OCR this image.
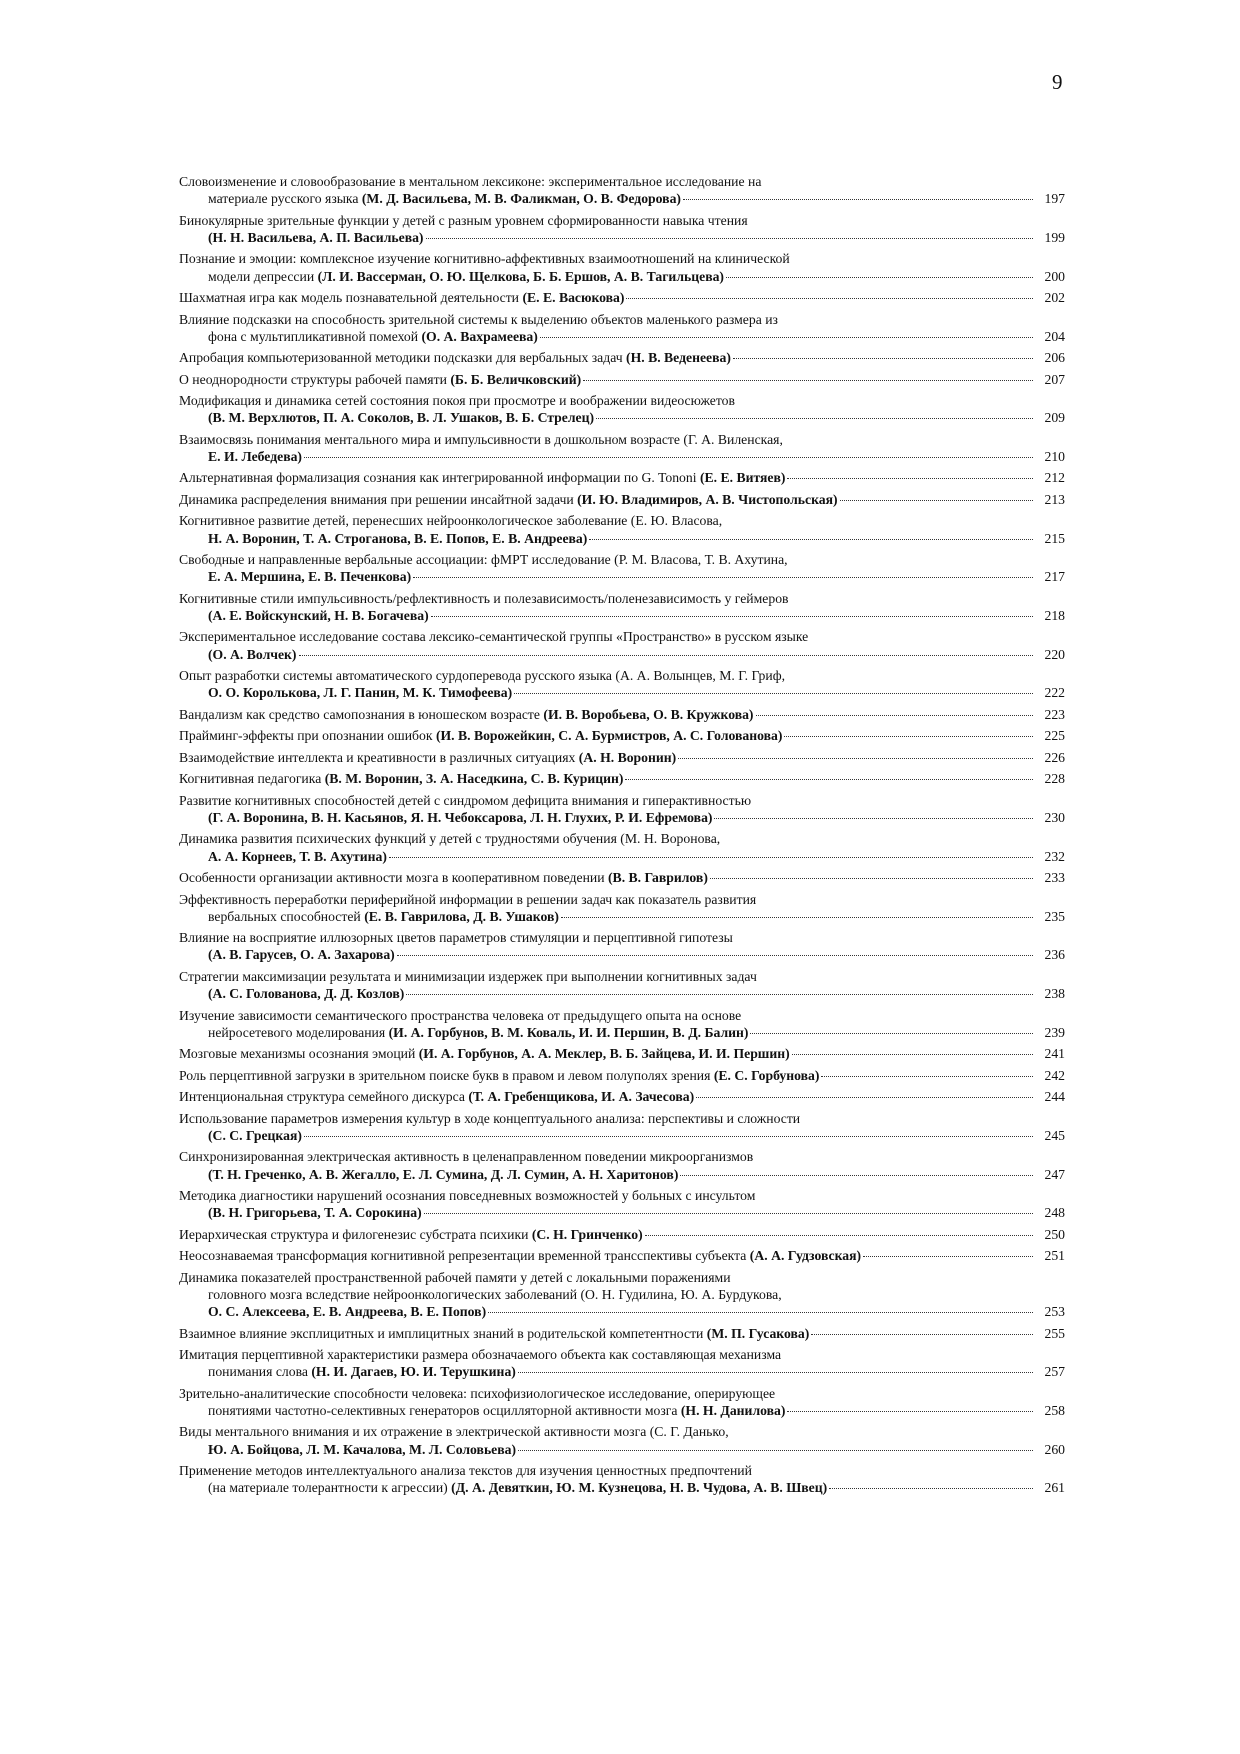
9
Словоизменение и словообразование в ментальном лексиконе: экспериментальное исследование на
материале русского языка (М. Д. Васильева, М. В. Фаликман, О. В. Федорова)	197
Бинокулярные зрительные функции у детей с разным уровнем сформированности навыка чтения
(Н. Н. Васильева, А. П. Васильева)	199
Познание и эмоции: комплексное изучение когнитивно-аффективных взаимоотношений на клинической
модели депрессии (Л. И. Вассерман, О. Ю. Щелкова, Б. Б. Ершов, А. В. Тагильцева)	200
Шахматная игра как модель познавательной деятельности (Е. Е. Васюкова)	202
Влияние подсказки на способность зрительной системы к выделению объектов маленького размера из
фона с мультипликативной помехой (О. А. Вахрамеева)	204
Апробация компьютеризованной методики подсказки для вербальных задач (Н. В. Веденеева)	206
О неоднородности структуры рабочей памяти (Б. Б. Величковский)	207
Модификация и динамика сетей состояния покоя при просмотре и воображении видеосюжетов
(В. М. Верхлютов, П. А. Соколов, В. Л. Ушаков, В. Б. Стрелец)	209
Взаимосвязь понимания ментального мира и импульсивности в дошкольном возрасте (Г. А. Виленская,
Е. И. Лебедева)	210
Альтернативная формализация сознания как интегрированной информации по G. Tononi (Е. Е. Витяев)	212
Динамика распределения внимания при решении инсайтной задачи (И. Ю. Владимиров, А. В. Чистопольская)	213
Когнитивное развитие детей, перенесших нейроонкологическое заболевание (Е. Ю. Власова,
Н. А. Воронин, Т. А. Строганова, В. Е. Попов, Е. В. Андреева)	215
Свободные и направленные вербальные ассоциации: фМРТ исследование (Р. М. Власова, Т. В. Ахутина,
Е. А. Мершина, Е. В. Печенкова)	217
Когнитивные стили импульсивность/рефлективность и полезависимость/поленезависимость у геймеров
(А. Е. Войскунский, Н. В. Богачева)	218
Экспериментальное исследование состава лексико-семантической группы «Пространство» в русском языке
(О. А. Волчек)	220
Опыт разработки системы автоматического сурдоперевода русского языка (А. А. Волынцев, М. Г. Гриф,
О. О. Королькова, Л. Г. Панин, М. К. Тимофеева)	222
Вандализм как средство самопознания в юношеском возрасте (И. В. Воробьева, О. В. Кружкова)	223
Прайминг-эффекты при опознании ошибок (И. В. Ворожейкин, С. А. Бурмистров, А. С. Голованова)	225
Взаимодействие интеллекта и креативности в различных ситуациях (А. Н. Воронин)	226
Когнитивная педагогика (В. М. Воронин, З. А. Наседкина, С. В. Курицин)	228
Развитие когнитивных способностей детей с синдромом дефицита внимания и гиперактивностью
(Г. А. Воронина, В. Н. Касьянов, Я. Н. Чебоксарова, Л. Н. Глухих, Р. И. Ефремова)	230
Динамика развития психических функций у детей с трудностями обучения (М. Н. Воронова,
А. А. Корнеев, Т. В. Ахутина)	232
Особенности организации активности мозга в кооперативном поведении (В. В. Гаврилов)	233
Эффективность переработки периферийной информации в решении задач как показатель развития
вербальных способностей (Е. В. Гаврилова, Д. В. Ушаков)	235
Влияние на восприятие иллюзорных цветов параметров стимуляции и перцептивной гипотезы
(А. В. Гарусев, О. А. Захарова)	236
Стратегии максимизации результата и минимизации издержек при выполнении когнитивных задач
(А. С. Голованова, Д. Д. Козлов)	238
Изучение зависимости семантического пространства человека от предыдущего опыта на основе
нейросетевого моделирования (И. А. Горбунов, В. М. Коваль, И. И. Першин, В. Д. Балин)	239
Мозговые механизмы осознания эмоций (И. А. Горбунов, А. А. Меклер, В. Б. Зайцева, И. И. Першин)	241
Роль перцептивной загрузки в зрительном поиске букв в правом и левом полуполях зрения (Е. С. Горбунова)	242
Интенциональная структура семейного дискурса (Т. А. Гребенщикова, И. А. Зачесова)	244
Использование параметров измерения культур в ходе концептуального анализа: перспективы и сложности
(С. С. Грецкая)	245
Синхронизированная электрическая активность в целенаправленном поведении микроорганизмов
(Т. Н. Греченко, А. В. Жегалло, Е. Л. Сумина, Д. Л. Сумин, А. Н. Харитонов)	247
Методика диагностики нарушений осознания повседневных возможностей у больных с инсультом
(В. Н. Григорьева, Т. А. Сорокина)	248
Иерархическая структура и филогенезис субстрата психики (С. Н. Гринченко)	250
Неосознаваемая трансформация когнитивной репрезентации временной трансспективы субъекта (А. А. Гудзовская)	251
Динамика показателей пространственной рабочей памяти у детей с локальными поражениями
головного мозга вследствие нейроонкологических заболеваний (О. Н. Гудилина, Ю. А. Бурдукова,
О. С. Алексеева, Е. В. Андреева, В. Е. Попов)	253
Взаимное влияние эксплицитных и имплицитных знаний в родительской компетентности (М. П. Гусакова)	255
Имитация перцептивной характеристики размера обозначаемого объекта как составляющая механизма
понимания слова (Н. И. Дагаев, Ю. И. Терушкина)	257
Зрительно-аналитические способности человека: психофизиологическое исследование, оперирующее
понятиями частотно-селективных генераторов осцилляторной активности мозга (Н. Н. Данилова)	258
Виды ментального внимания и их отражение в электрической активности мозга (С. Г. Данько,
Ю. А. Бойцова, Л. М. Качалова, М. Л. Соловьева)	260
Применение методов интеллектуального анализа текстов для изучения ценностных предпочтений
(на материале толерантности к агрессии) (Д. А. Девяткин, Ю. М. Кузнецова, Н. В. Чудова, А. В. Швец)	261
